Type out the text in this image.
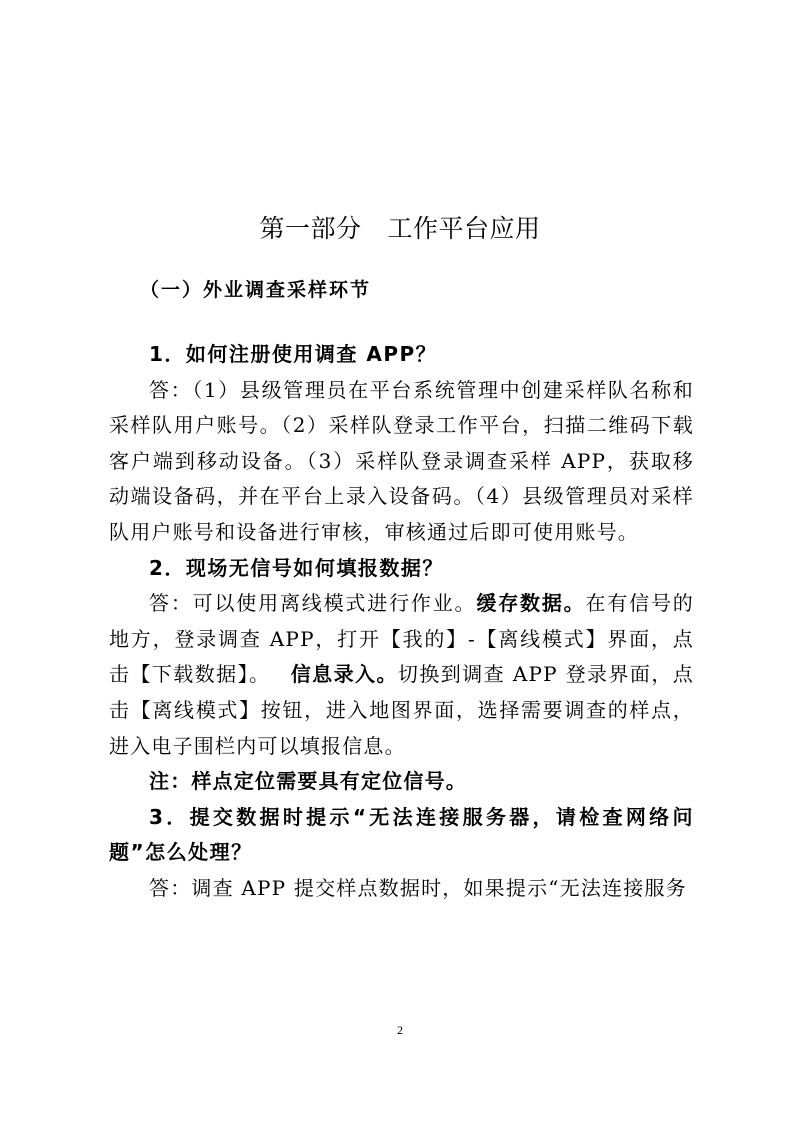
第一部分 工作平台应用
（一）外业调查采样环节

1．如何注册使用调查 APP？

答：（1）县级管理员在平台系统管理中创建采样队名称和采样队用户账号。（2）采样队登录工作平台，扫描二维码下载客户端到移动设备。（3）采样队登录调查采样 APP，获取移动端设备码，并在平台上录入设备码。（4）县级管理员对采样队用户账号和设备进行审核，审核通过后即可使用账号。

2．现场无信号如何填报数据？

答：可以使用离线模式进行作业。缓存数据。在有信号的地方，登录调查 APP，打开【我的】-【离线模式】界面，点击【下载数据】。 信息录入。切换到调查 APP 登录界面，点击【离线模式】按钮，进入地图界面，选择需要调查的样点，进入电子围栏内可以填报信息。

注：样点定位需要具有定位信号。

3．提交数据时提示“无法连接服务器，请检查网络问题”怎么处理？

答：调查 APP 提交样点数据时，如果提示“无法连接服务

2
